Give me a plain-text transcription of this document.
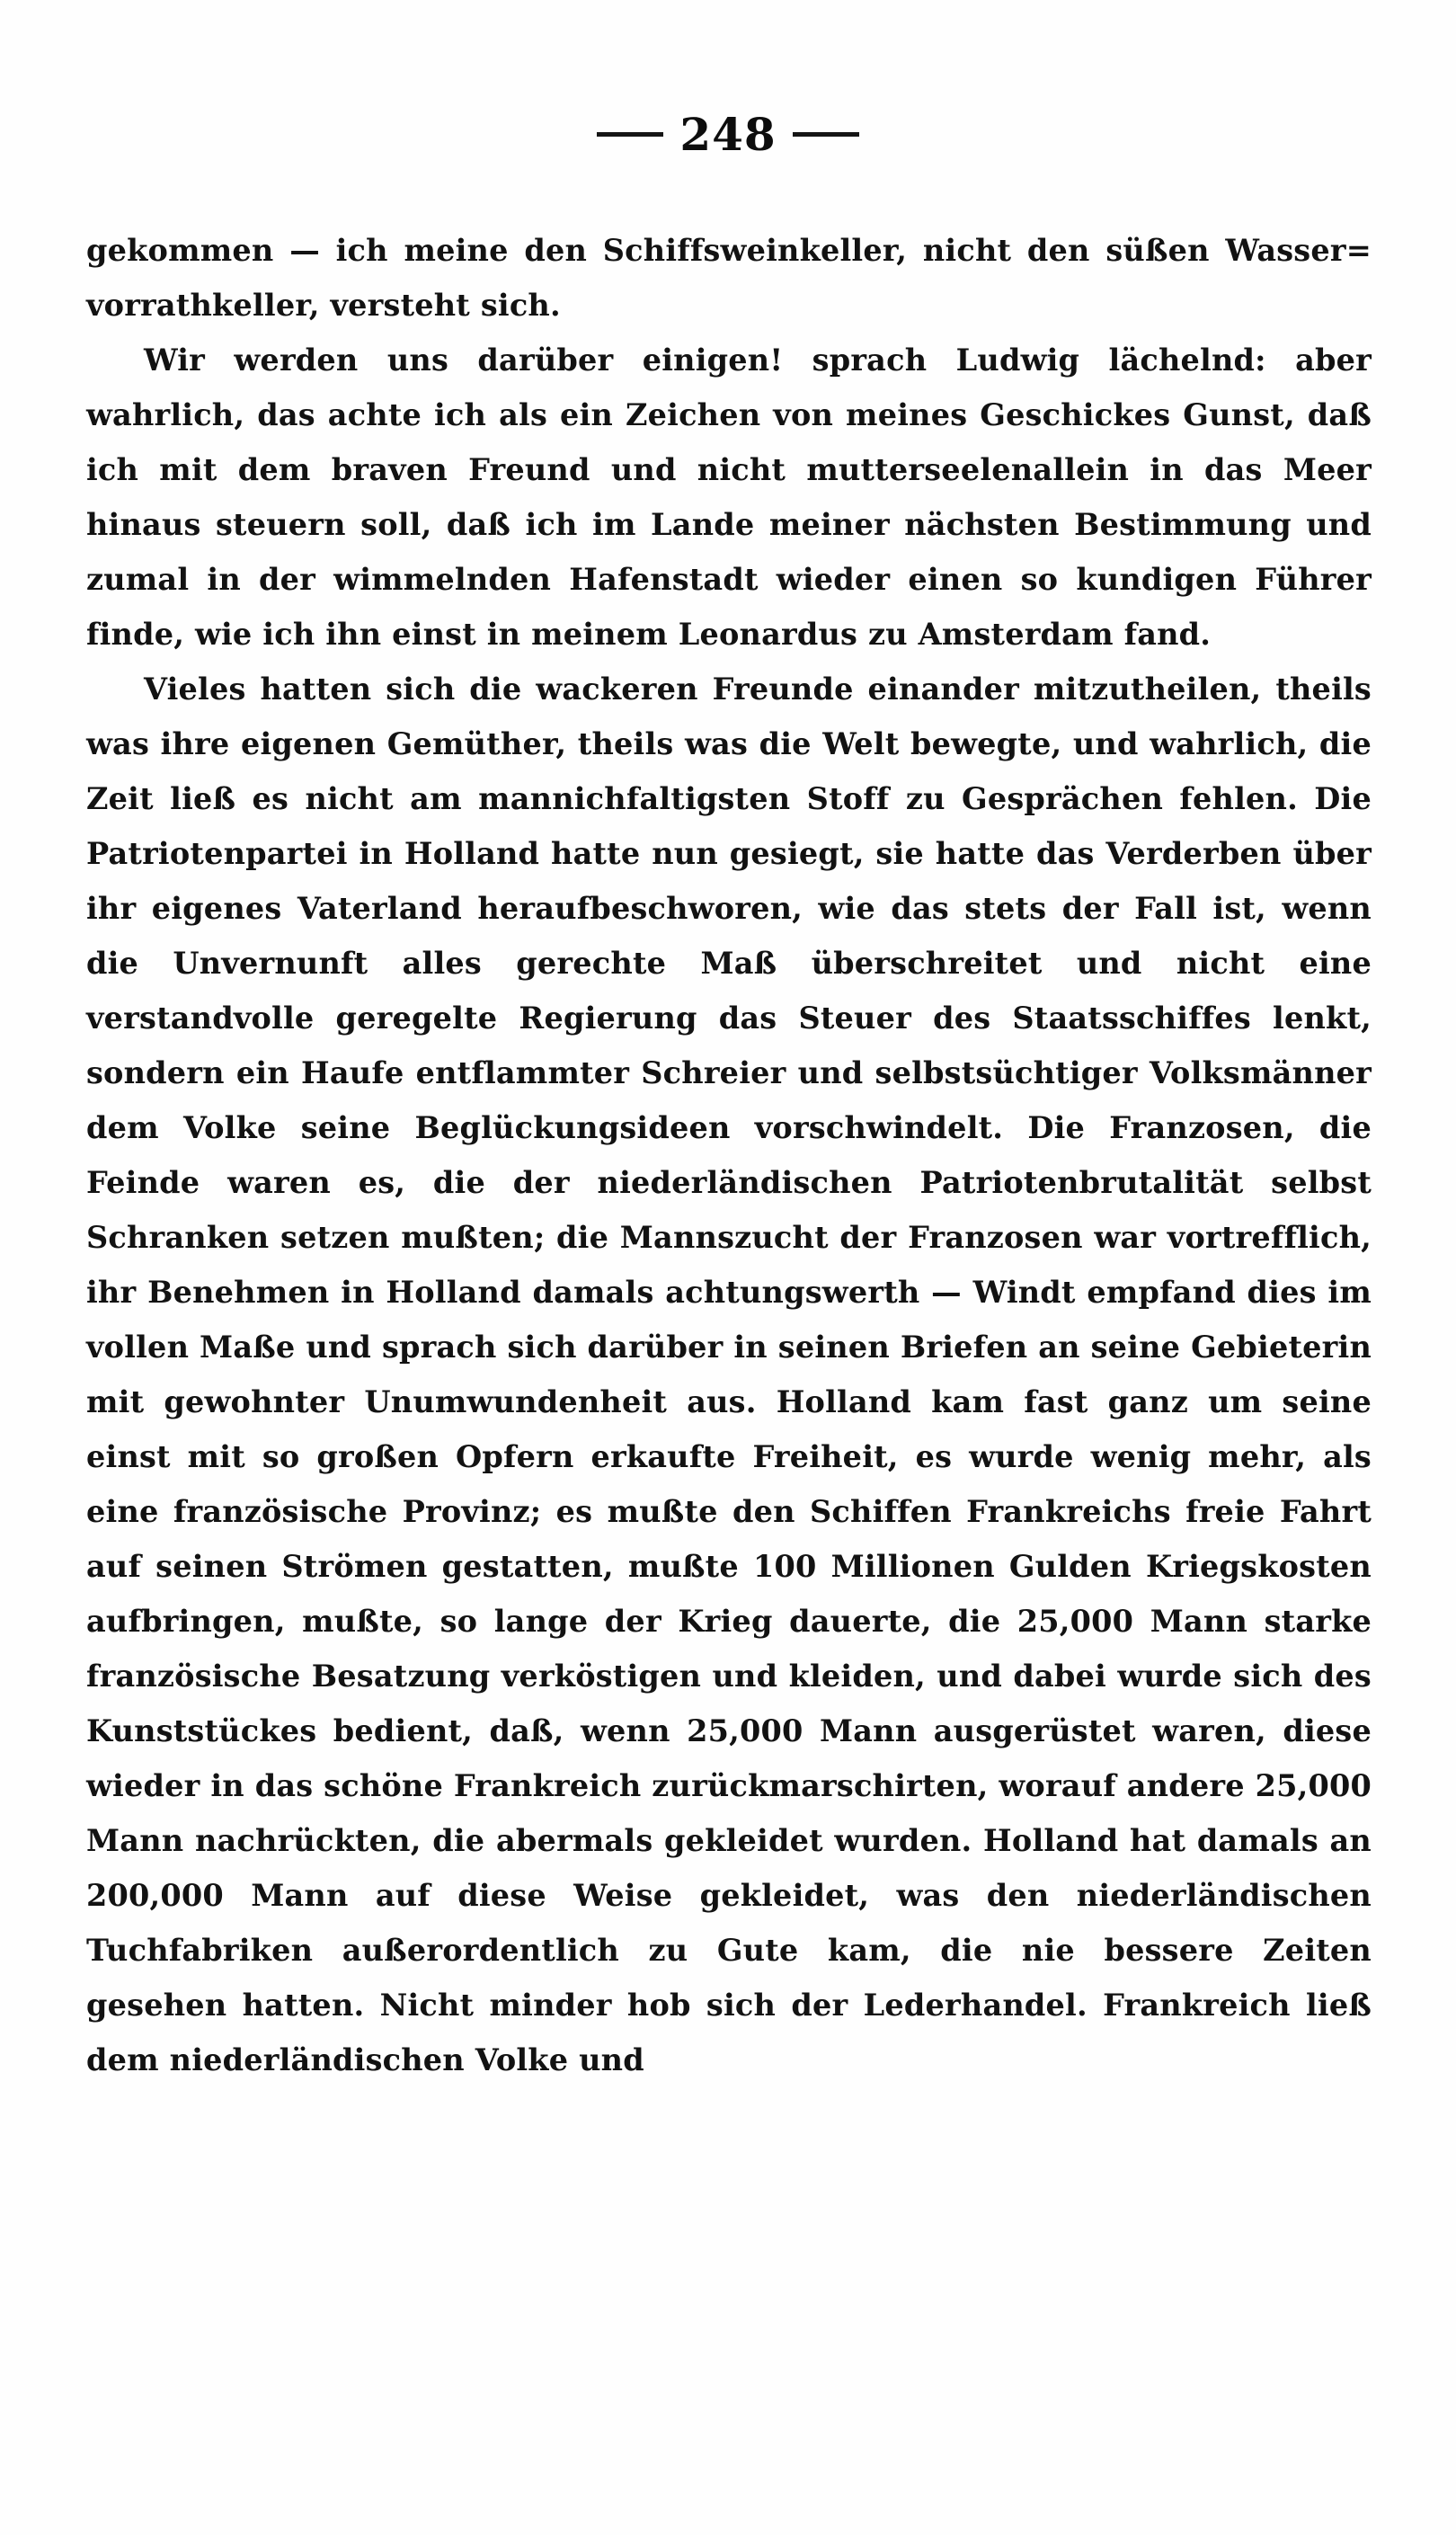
248

gekommen — ich meine den Schiffsweinkeller, nicht den süßen Wasser= vorrathkeller, versteht sich.

Wir werden uns darüber einigen! sprach Ludwig lächelnd: aber wahrlich, das achte ich als ein Zeichen von meines Geschickes Gunst, daß ich mit dem braven Freund und nicht mutterseelenallein in das Meer hinaus steuern soll, daß ich im Lande meiner nächsten Bestimmung und zumal in der wimmelnden Hafenstadt wieder einen so kundigen Führer finde, wie ich ihn einst in meinem Leonardus zu Amsterdam fand.

Vieles hatten sich die wackeren Freunde einander mitzutheilen, theils was ihre eigenen Gemüther, theils was die Welt bewegte, und wahrlich, die Zeit ließ es nicht am mannichfaltigsten Stoff zu Gesprächen fehlen. Die Patriotenpartei in Holland hatte nun gesiegt, sie hatte das Verderben über ihr eigenes Vaterland heraufbeschworen, wie das stets der Fall ist, wenn die Unvernunft alles gerechte Maß überschreitet und nicht eine verstandvolle geregelte Regierung das Steuer des Staatsschiffes lenkt, sondern ein Haufe entflammter Schreier und selbstsüchtiger Volksmänner dem Volke seine Beglückungsideen vorschwindelt. Die Franzosen, die Feinde waren es, die der niederländischen Patriotenbrutalität selbst Schranken setzen mußten; die Mannszucht der Franzosen war vortrefflich, ihr Benehmen in Holland damals achtungswerth — Windt empfand dies im vollen Maße und sprach sich darüber in seinen Briefen an seine Gebieterin mit gewohnter Unumwundenheit aus. Holland kam fast ganz um seine einst mit so großen Opfern erkaufte Freiheit, es wurde wenig mehr, als eine französische Provinz; es mußte den Schiffen Frankreichs freie Fahrt auf seinen Strömen gestatten, mußte 100 Millionen Gulden Kriegskosten aufbringen, mußte, so lange der Krieg dauerte, die 25,000 Mann starke französische Besatzung verköstigen und kleiden, und dabei wurde sich des Kunststückes bedient, daß, wenn 25,000 Mann ausgerüstet waren, diese wieder in das schöne Frankreich zurückmarschirten, worauf andere 25,000 Mann nachrückten, die abermals gekleidet wurden. Holland hat damals an 200,000 Mann auf diese Weise gekleidet, was den niederländischen Tuchfabriken außerordentlich zu Gute kam, die nie bessere Zeiten gesehen hatten. Nicht minder hob sich der Lederhandel. Frankreich ließ dem niederländischen Volke und
